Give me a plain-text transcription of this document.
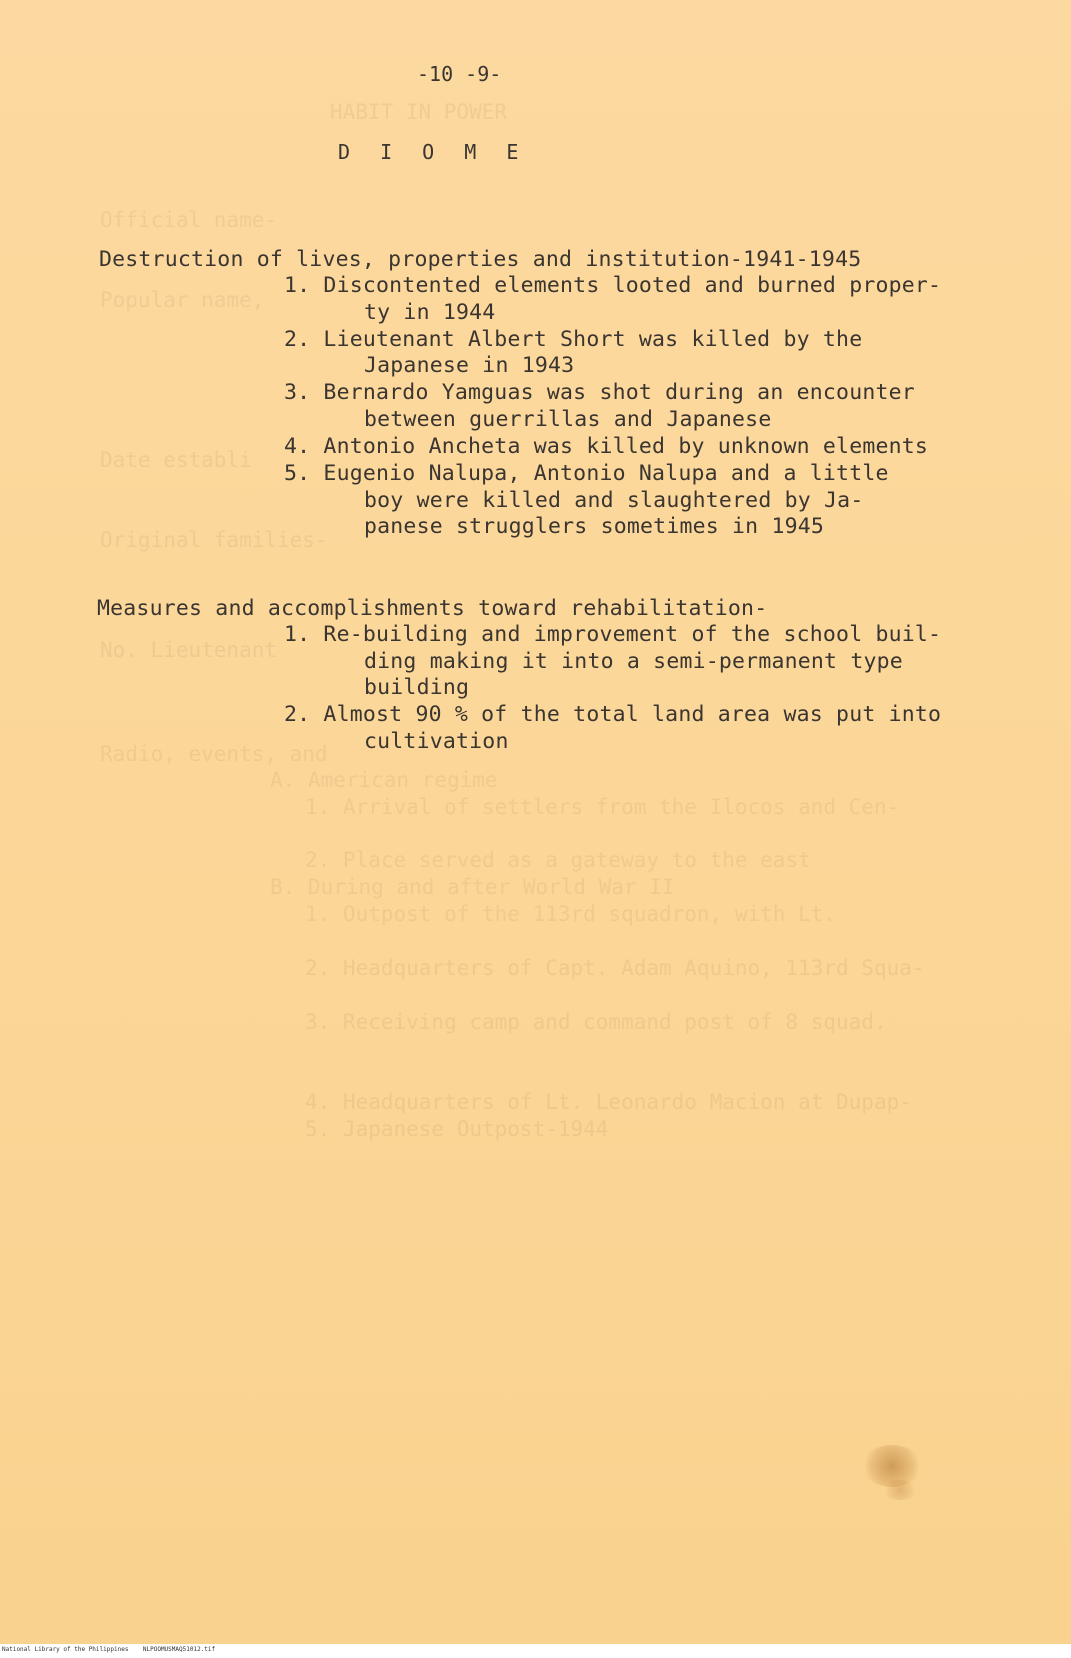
HABIT IN POWER
Official name-
Popular name,
Date establi
Original families-
No. Lieutenant
Radio, events, and
A. American regime
1. Arrival of settlers from the Ilocos and Cen-
2. Place served as a gateway to the east
B. During and after World War II
1. Outpost of the 113rd squadron, with Lt.
2. Headquarters of Capt. Adam Aquino, 113rd Squa-
3. Receiving camp and command post of 8 squad.
4. Headquarters of Lt. Leonardo Macion at Dupap-
5. Japanese Outpost-1944
-10 -9-
D I O M E
Destruction of lives, properties and institution-1941-1945
1. Discontented elements looted and burned proper-
ty in 1944
2. Lieutenant Albert Short was killed by the
Japanese in 1943
3. Bernardo Yamguas was shot during an encounter
between guerrillas and Japanese
4. Antonio Ancheta was killed by unknown elements
5. Eugenio Nalupa, Antonio Nalupa and a little
boy were killed and slaughtered by Ja-
panese strugglers sometimes in 1945
Measures and accomplishments toward rehabilitation-
1. Re-building and improvement of the school buil-
ding making it into a semi-permanent type
building
2. Almost 90 % of the total land area was put into
cultivation
National Library of the Philippines    NLPOOMUSMAQ51012.tif
